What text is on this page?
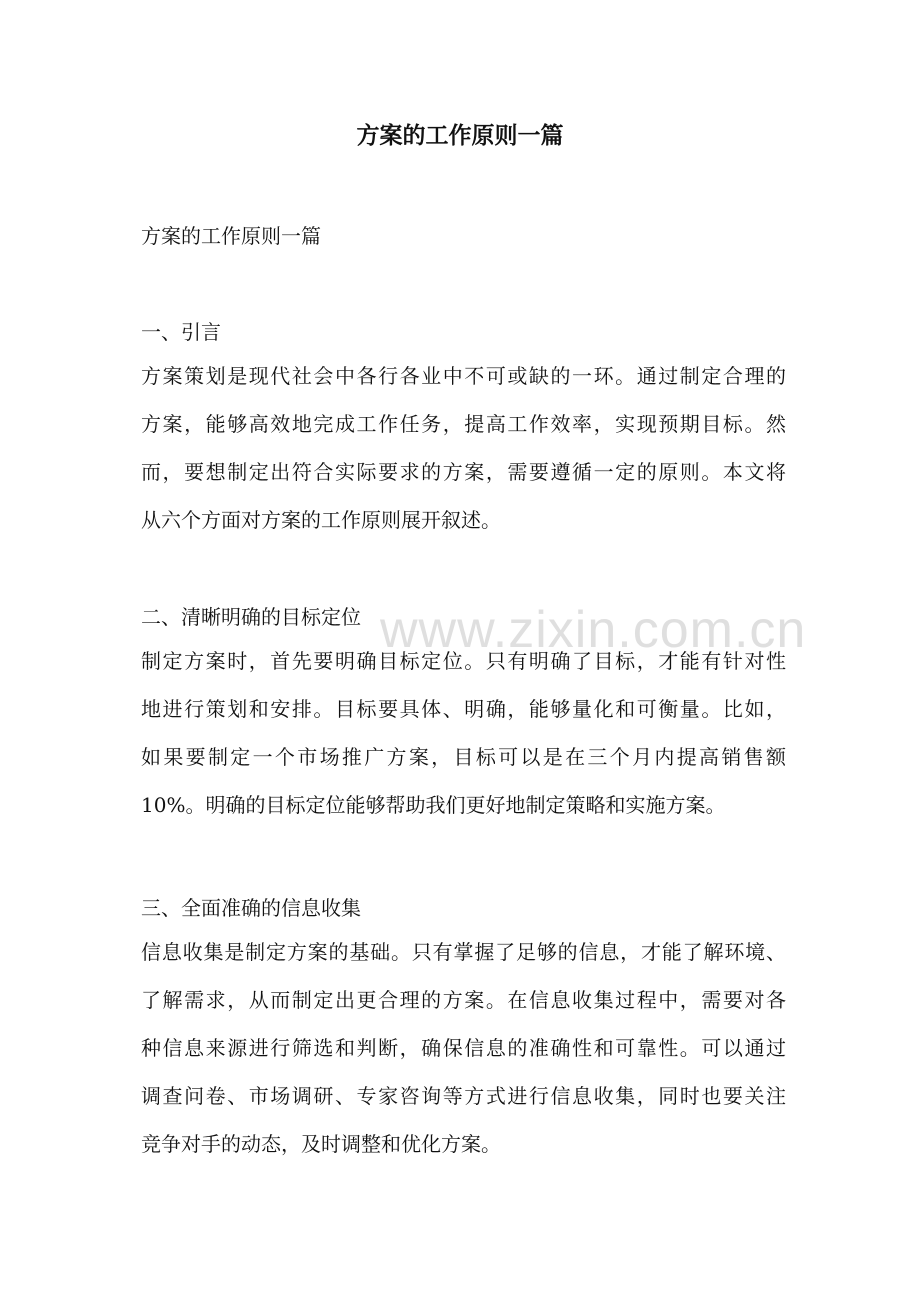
www.zixin.com.cn
方案的工作原则一篇

方案的工作原则一篇

一、引言

方案策划是现代社会中各行各业中不可或缺的一环。通过制定合理的
方案，能够高效地完成工作任务，提高工作效率，实现预期目标。然
而，要想制定出符合实际要求的方案，需要遵循一定的原则。本文将
从六个方面对方案的工作原则展开叙述。

二、清晰明确的目标定位

制定方案时，首先要明确目标定位。只有明确了目标，才能有针对性
地进行策划和安排。目标要具体、明确，能够量化和可衡量。比如，
如果要制定一个市场推广方案，目标可以是在三个月内提高销售额
10%。明确的目标定位能够帮助我们更好地制定策略和实施方案。

三、全面准确的信息收集

信息收集是制定方案的基础。只有掌握了足够的信息，才能了解环境、
了解需求，从而制定出更合理的方案。在信息收集过程中，需要对各
种信息来源进行筛选和判断，确保信息的准确性和可靠性。可以通过
调查问卷、市场调研、专家咨询等方式进行信息收集，同时也要关注
竞争对手的动态，及时调整和优化方案。
